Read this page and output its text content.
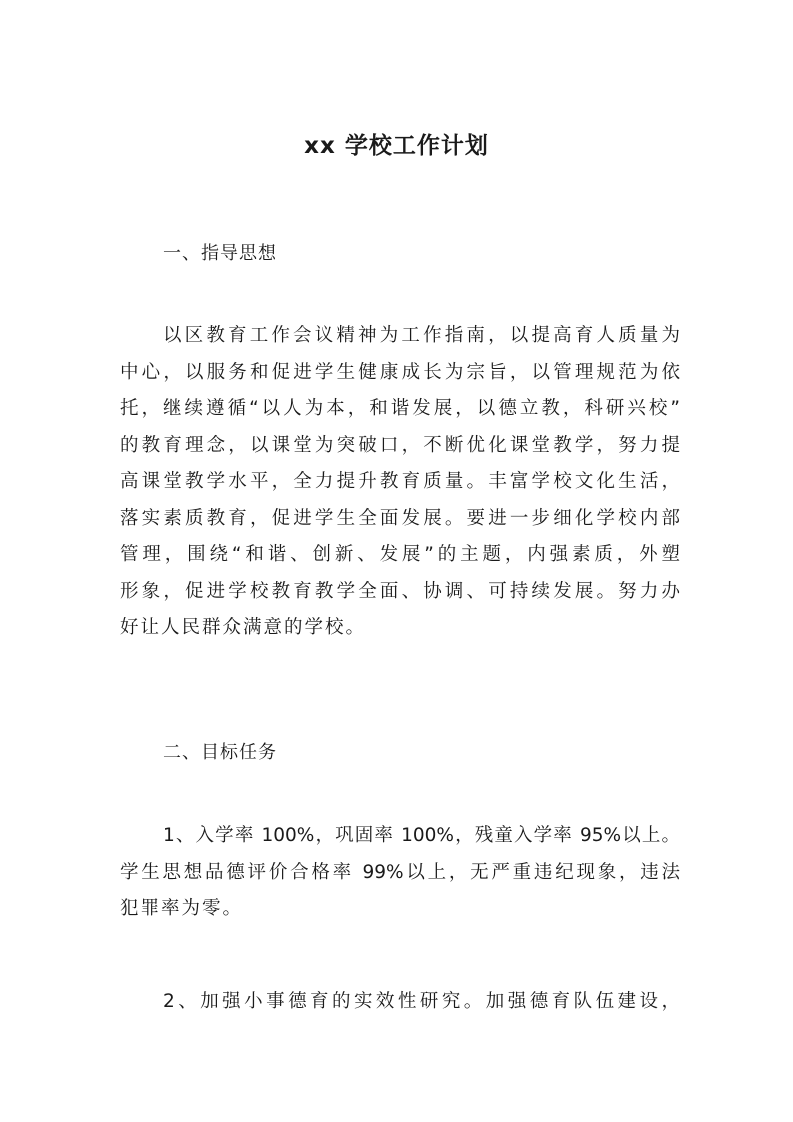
xx 学校工作计划
一、指导思想
以区教育工作会议精神为工作指南，以提高育人质量为
中心，以服务和促进学生健康成长为宗旨，以管理规范为依
托，继续遵循“以人为本，和谐发展，以德立教，科研兴校”
的教育理念，以课堂为突破口，不断优化课堂教学，努力提
高课堂教学水平，全力提升教育质量。丰富学校文化生活，
落实素质教育，促进学生全面发展。要进一步细化学校内部
管理，围绕“和谐、创新、发展”的主题，内强素质，外塑
形象，促进学校教育教学全面、协调、可持续发展。努力办
好让人民群众满意的学校。
二、目标任务
1、入学率 100%，巩固率 100%，残童入学率 95%以上。
学生思想品德评价合格率 99%以上，无严重违纪现象，违法
犯罪率为零。
2、加强小事德育的实效性研究。加强德育队伍建设，
